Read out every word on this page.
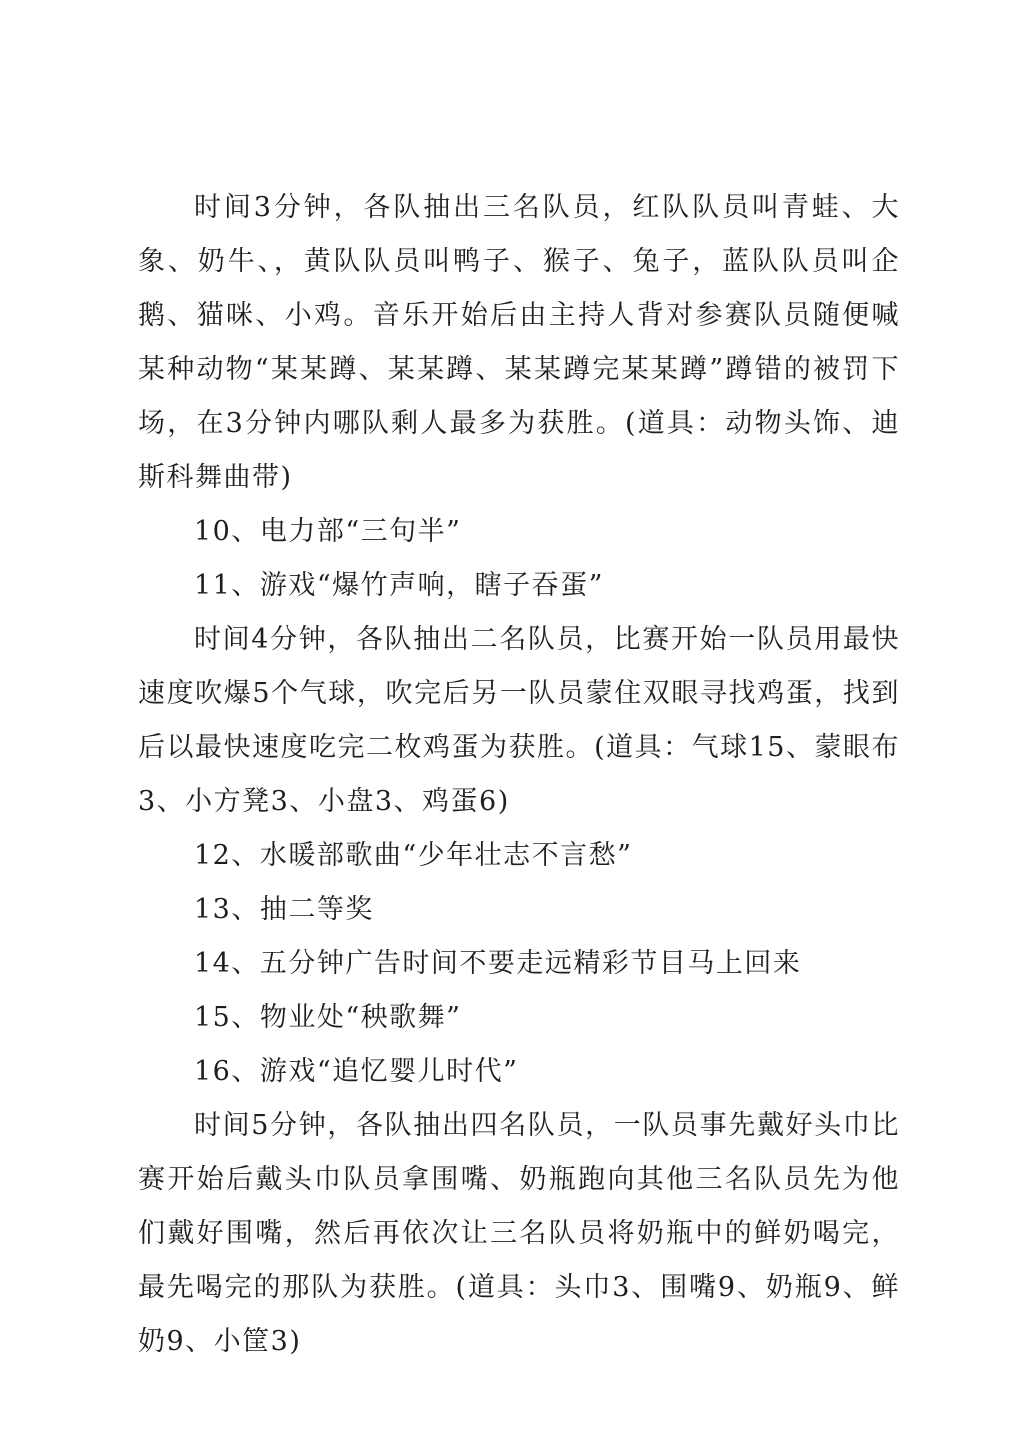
时间3分钟，各队抽出三名队员，红队队员叫青蛙、大象、奶牛、，黄队队员叫鸭子、猴子、兔子，蓝队队员叫企鹅、猫咪、小鸡。音乐开始后由主持人背对参赛队员随便喊某种动物“某某蹲、某某蹲、某某蹲完某某蹲”蹲错的被罚下场，在3分钟内哪队剩人最多为获胜。(道具：动物头饰、迪斯科舞曲带)

10、电力部“三句半”

11、游戏“爆竹声响，瞎子吞蛋”

时间4分钟，各队抽出二名队员，比赛开始一队员用最快速度吹爆5个气球，吹完后另一队员蒙住双眼寻找鸡蛋，找到后以最快速度吃完二枚鸡蛋为获胜。(道具：气球15、蒙眼布3、小方凳3、小盘3、鸡蛋6)

12、水暖部歌曲“少年壮志不言愁”

13、抽二等奖

14、五分钟广告时间不要走远精彩节目马上回来

15、物业处“秧歌舞”

16、游戏“追忆婴儿时代”

时间5分钟，各队抽出四名队员，一队员事先戴好头巾比赛开始后戴头巾队员拿围嘴、奶瓶跑向其他三名队员先为他们戴好围嘴，然后再依次让三名队员将奶瓶中的鲜奶喝完，最先喝完的那队为获胜。(道具：头巾3、围嘴9、奶瓶9、鲜奶9、小筐3)
